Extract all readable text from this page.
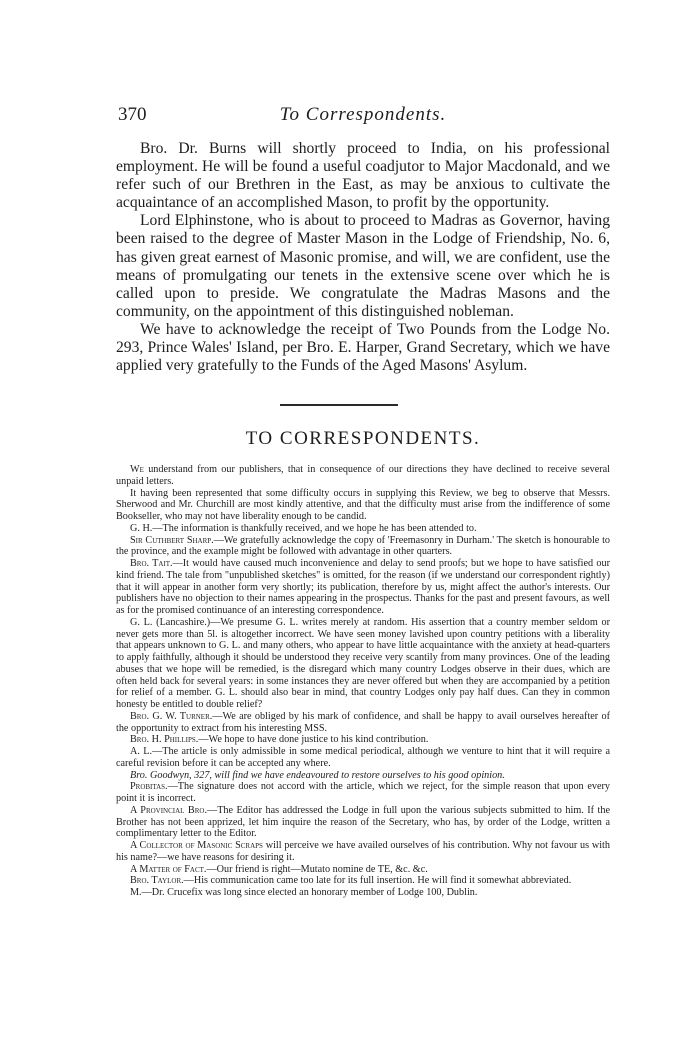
370	To Correspondents.

Bro. Dr. Burns will shortly proceed to India, on his professional employment. He will be found a useful coadjutor to Major Macdonald, and we refer such of our Brethren in the East, as may be anxious to cultivate the acquaintance of an accomplished Mason, to profit by the opportunity.

Lord Elphinstone, who is about to proceed to Madras as Governor, having been raised to the degree of Master Mason in the Lodge of Friendship, No. 6, has given great earnest of Masonic promise, and will, we are confident, use the means of promulgating our tenets in the extensive scene over which he is called upon to preside. We congratulate the Madras Masons and the community, on the appointment of this distinguished nobleman.

We have to acknowledge the receipt of Two Pounds from the Lodge No. 293, Prince Wales' Island, per Bro. E. Harper, Grand Secretary, which we have applied very gratefully to the Funds of the Aged Masons' Asylum.

TO CORRESPONDENTS.

We understand from our publishers, that in consequence of our directions they have declined to receive several unpaid letters.

It having been represented that some difficulty occurs in supplying this Review, we beg to observe that Messrs. Sherwood and Mr. Churchill are most kindly attentive, and that the difficulty must arise from the indifference of some Bookseller, who may not have liberality enough to be candid.

G. H.—The information is thankfully received, and we hope he has been attended to.

Sir Cuthbert Sharp.—We gratefully acknowledge the copy of 'Freemasonry in Durham.' The sketch is honourable to the province, and the example might be followed with advantage in other quarters.

Bro. Tait.—It would have caused much inconvenience and delay to send proofs; but we hope to have satisfied our kind friend. The tale from "unpublished sketches" is omitted, for the reason (if we understand our correspondent rightly) that it will appear in another form very shortly; its publication, therefore by us, might affect the author's interests. Our publishers have no objection to their names appearing in the prospectus. Thanks for the past and present favours, as well as for the promised continuance of an interesting correspondence.

G. L. (Lancashire.)—We presume G. L. writes merely at random. His assertion that a country member seldom or never gets more than 5l. is altogether incorrect. We have seen money lavished upon country petitions with a liberality that appears unknown to G. L. and many others, who appear to have little acquaintance with the anxiety at head-quarters to apply faithfully, although it should be understood they receive very scantily from many provinces. One of the leading abuses that we hope will be remedied, is the disregard which many country Lodges observe in their dues, which are often held back for several years: in some instances they are never offered but when they are accompanied by a petition for relief of a member. G. L. should also bear in mind, that country Lodges only pay half dues. Can they in common honesty be entitled to double relief?

Bro. G. W. Turner.—We are obliged by his mark of confidence, and shall be happy to avail ourselves hereafter of the opportunity to extract from his interesting MSS.

Bro. H. Phillips.—We hope to have done justice to his kind contribution.

A. L.—The article is only admissible in some medical periodical, although we venture to hint that it will require a careful revision before it can be accepted any where.

Bro. Goodwyn, 327, will find we have endeavoured to restore ourselves to his good opinion.

Probitas.—The signature does not accord with the article, which we reject, for the simple reason that upon every point it is incorrect.

A Provincial Bro.—The Editor has addressed the Lodge in full upon the various subjects submitted to him. If the Brother has not been apprized, let him inquire the reason of the Secretary, who has, by order of the Lodge, written a complimentary letter to the Editor.

A Collector of Masonic Scraps will perceive we have availed ourselves of his contribution. Why not favour us with his name?—we have reasons for desiring it.

A Matter of Fact.—Our friend is right—Mutato nomine de TE, &c. &c.

Bro. Taylor.—His communication came too late for its full insertion. He will find it somewhat abbreviated.

M.—Dr. Crucefix was long since elected an honorary member of Lodge 100, Dublin.
